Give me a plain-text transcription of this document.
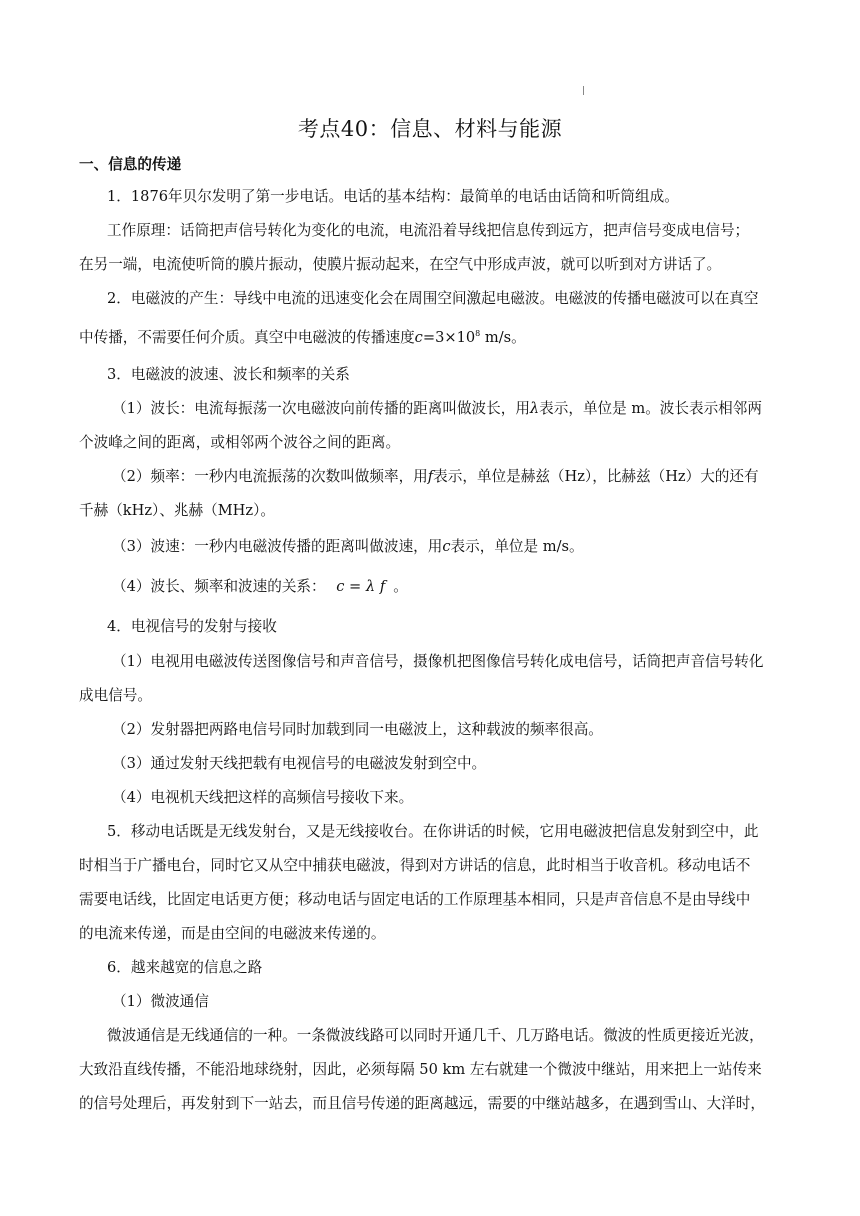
考点40：信息、材料与能源
一、信息的传递
1．1876年贝尔发明了第一步电话。电话的基本结构：最简单的电话由话筒和听筒组成。
工作原理：话筒把声信号转化为变化的电流，电流沿着导线把信息传到远方，把声信号变成电信号；
在另一端，电流使听筒的膜片振动，使膜片振动起来，在空气中形成声波，就可以听到对方讲话了。
2．电磁波的产生：导线中电流的迅速变化会在周围空间激起电磁波。电磁波的传播电磁波可以在真空
中传播，不需要任何介质。真空中电磁波的传播速度$c=3\times 10^8$ m/s。
3．电磁波的波速、波长和频率的关系
（1）波长：电流每振荡一次电磁波向前传播的距离叫做波长，用λ表示，单位是 m。波长表示相邻两
个波峰之间的距离，或相邻两个波谷之间的距离。
（2）频率：一秒内电流振荡的次数叫做频率，用f表示，单位是赫兹（Hz），比赫兹（Hz）大的还有
千赫（kHz）、兆赫（MHz）。
（3）波速：一秒内电磁波传播的距离叫做波速，用c表示，单位是 m/s。
（4）波长、频率和波速的关系： c = λ f 。
4．电视信号的发射与接收
（1）电视用电磁波传送图像信号和声音信号，摄像机把图像信号转化成电信号，话筒把声音信号转化
成电信号。
（2）发射器把两路电信号同时加载到同一电磁波上，这种载波的频率很高。
（3）通过发射天线把载有电视信号的电磁波发射到空中。
（4）电视机天线把这样的高频信号接收下来。
5．移动电话既是无线发射台，又是无线接收台。在你讲话的时候，它用电磁波把信息发射到空中，此
时相当于广播电台，同时它又从空中捕获电磁波，得到对方讲话的信息，此时相当于收音机。移动电话不
需要电话线，比固定电话更方便；移动电话与固定电话的工作原理基本相同，只是声音信息不是由导线中
的电流来传递，而是由空间的电磁波来传递的。
6．越来越宽的信息之路
（1）微波通信
微波通信是无线通信的一种。一条微波线路可以同时开通几千、几万路电话。微波的性质更接近光波，
大致沿直线传播，不能沿地球绕射，因此，必须每隔 50 km 左右就建一个微波中继站，用来把上一站传来
的信号处理后，再发射到下一站去，而且信号传递的距离越远，需要的中继站越多，在遇到雪山、大洋时，
